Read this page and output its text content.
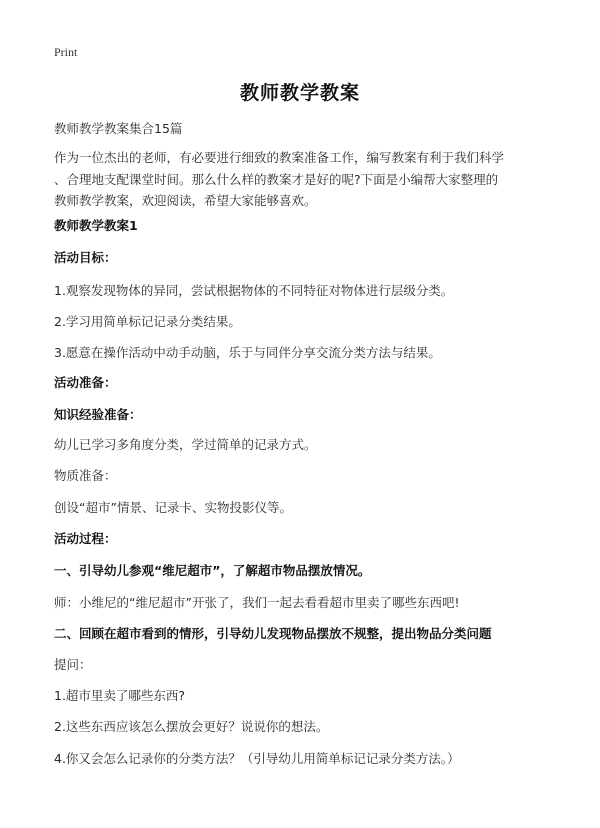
Print
教师教学教案
教师教学教案集合15篇
作为一位杰出的老师，有必要进行细致的教案准备工作，编写教案有利于我们科学
、合理地支配课堂时间。那么什么样的教案才是好的呢?下面是小编帮大家整理的
教师教学教案，欢迎阅读，希望大家能够喜欢。
教师教学教案1
活动目标：
1.观察发现物体的异同，尝试根据物体的不同特征对物体进行层级分类。
2.学习用简单标记记录分类结果。
3.愿意在操作活动中动手动脑，乐于与同伴分享交流分类方法与结果。
活动准备：
知识经验准备：
幼儿已学习多角度分类，学过简单的记录方式。
物质准备：
创设“超市”情景、记录卡、实物投影仪等。
活动过程：
一、引导幼儿参观“维尼超市”，了解超市物品摆放情况。
师：小维尼的“维尼超市”开张了，我们一起去看看超市里卖了哪些东西吧!
二、回顾在超市看到的情形，引导幼儿发现物品摆放不规整，提出物品分类问题
提问：
1.超市里卖了哪些东西?
2.这些东西应该怎么摆放会更好？说说你的想法。
4.你又会怎么记录你的分类方法？（引导幼儿用简单标记记录分类方法。）
